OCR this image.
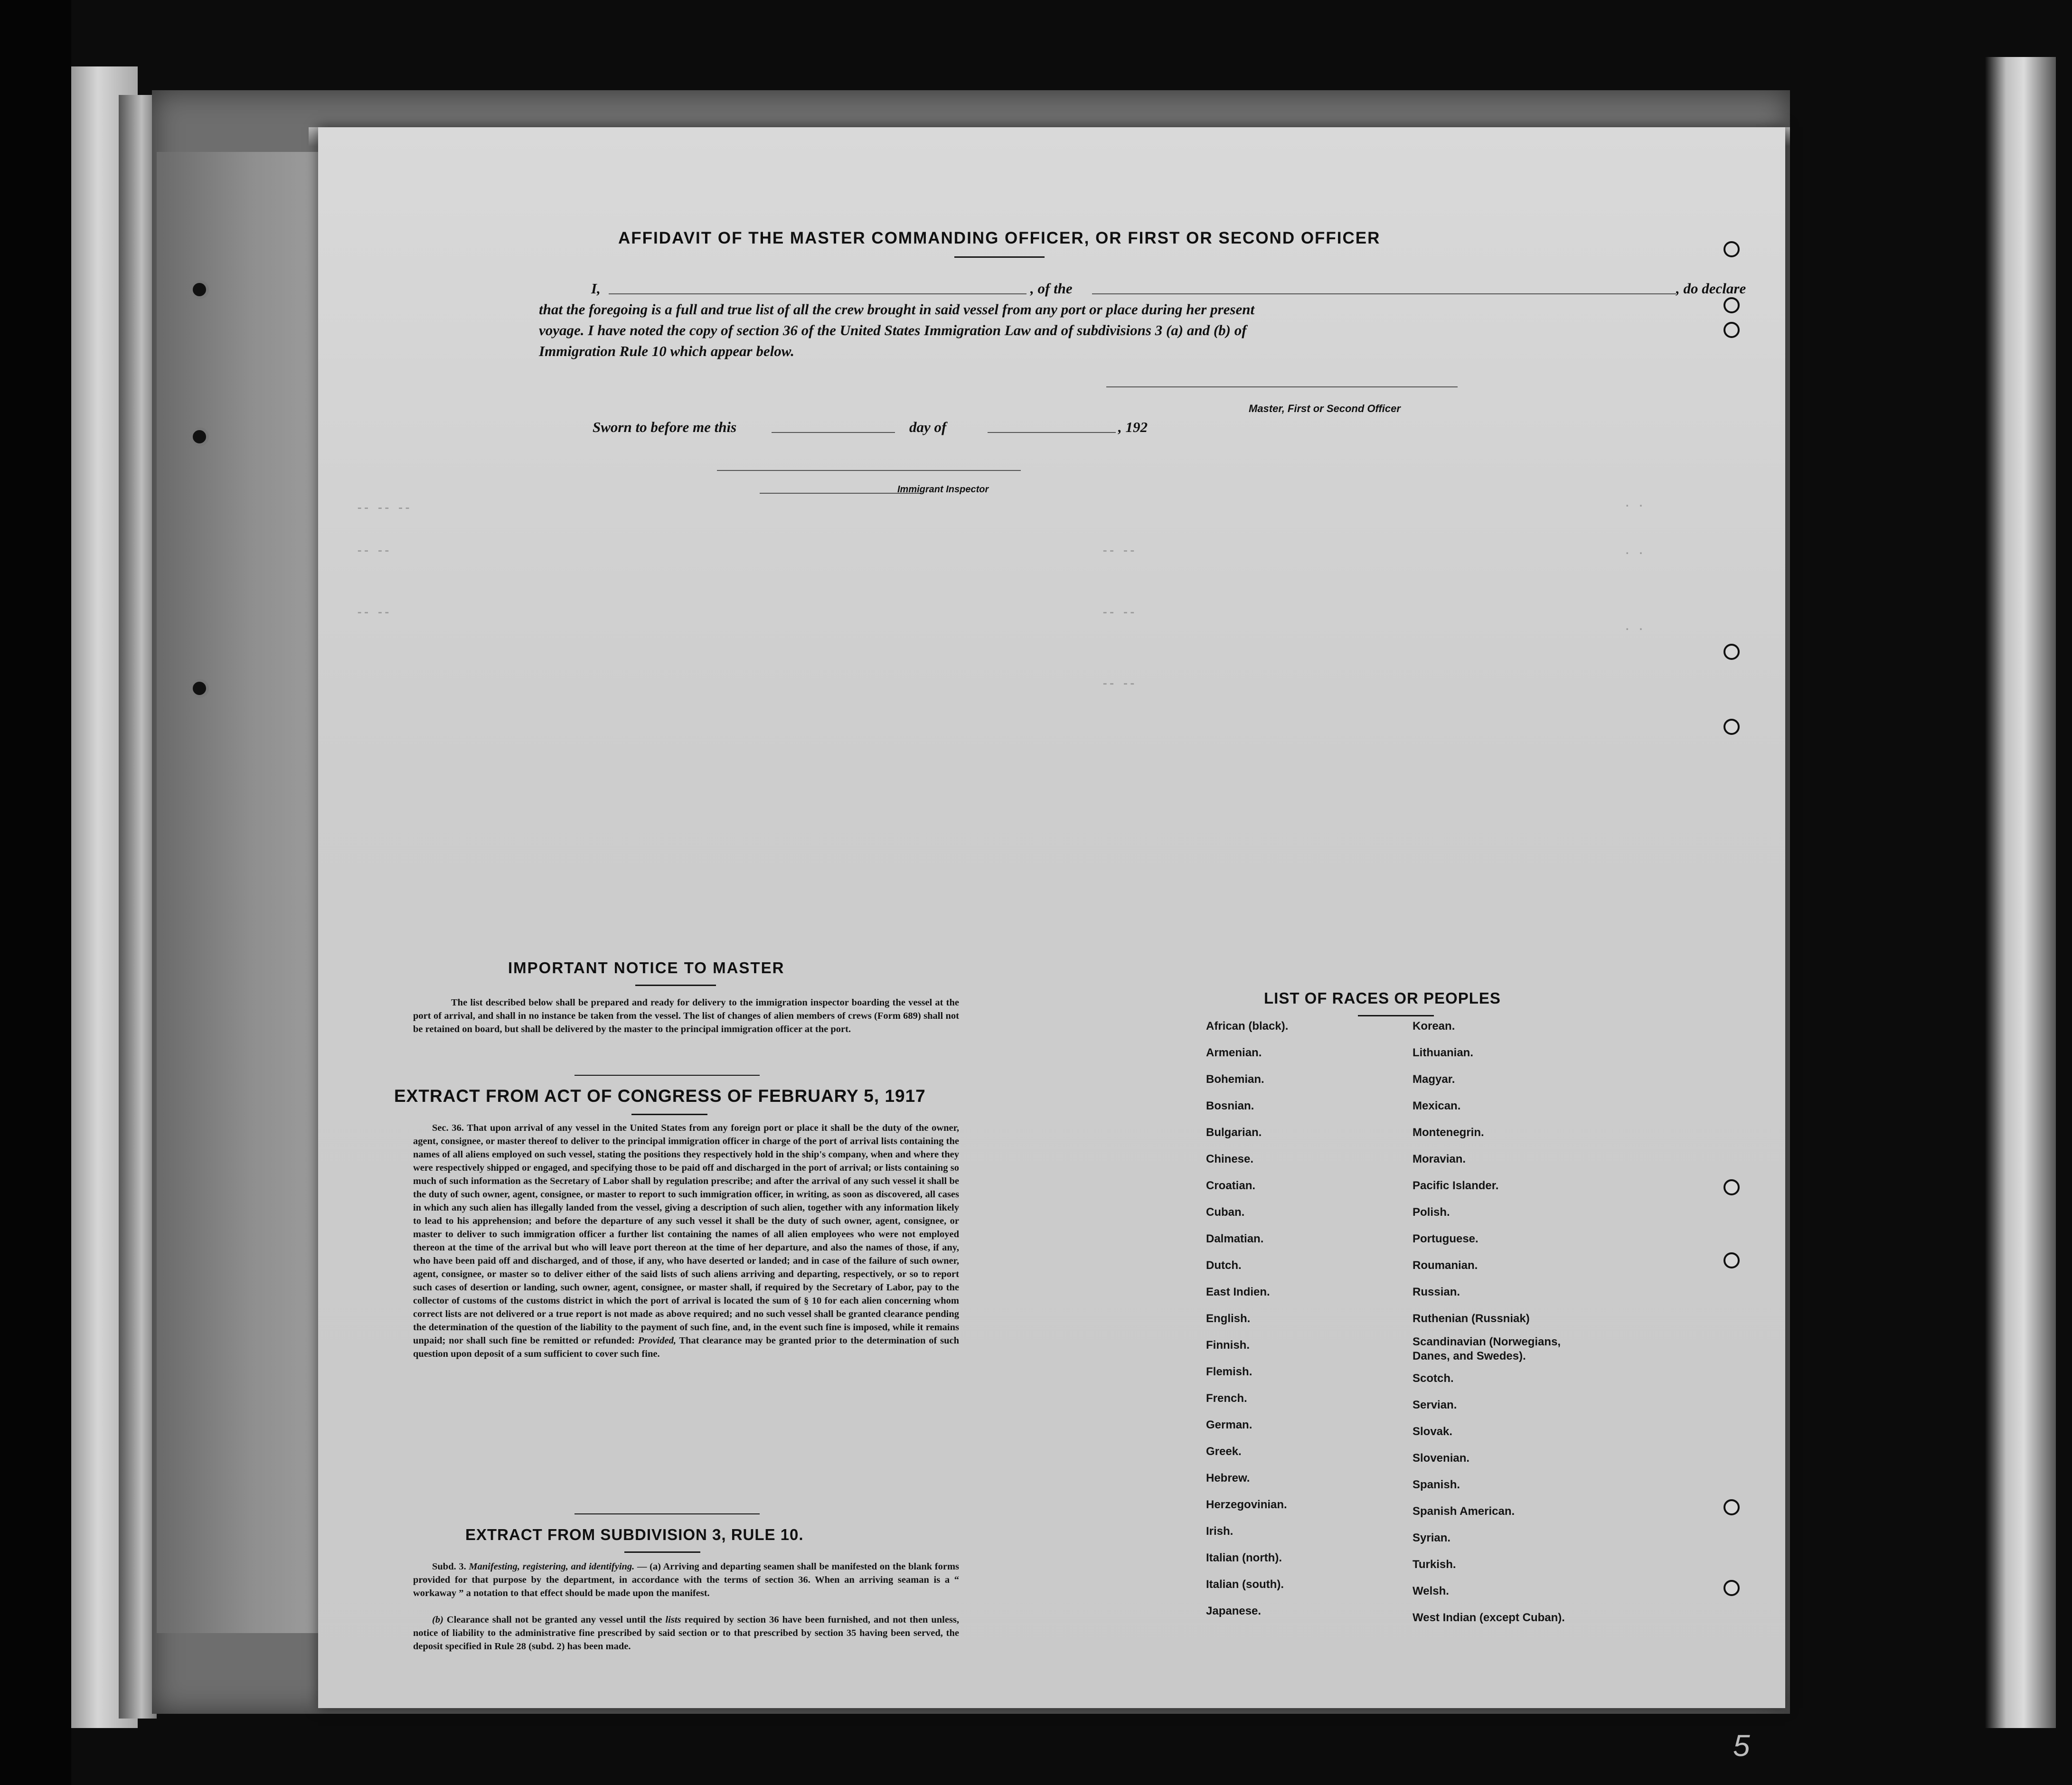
-- -- --
-- --
-- --
-- --
-- --
-- --
. .
. .
. .
AFFIDAVIT OF THE MASTER COMMANDING OFFICER, OR FIRST OR SECOND OFFICER
I,	, of the	, do declare
that the foregoing is a full and true list of all the crew brought in said vessel from any port or place during her present
voyage. I have noted the copy of section 36 of the United States Immigration Law and of subdivisions 3 (a) and (b) of
Immigration Rule 10 which appear below.
Master, First or Second Officer
Sworn to before me this	day of	, 192
Immigrant Inspector
IMPORTANT NOTICE TO MASTER
The list described below shall be prepared and ready for delivery to the immigration inspector boarding the vessel at the port of arrival, and shall in no instance be taken from the vessel. The list of changes of alien members of crews (Form 689) shall not be retained on board, but shall be delivered by the master to the principal immigration officer at the port.
EXTRACT FROM ACT OF CONGRESS OF FEBRUARY 5, 1917
Sec. 36. That upon arrival of any vessel in the United States from any foreign port or place it shall be the duty of the owner, agent, consignee, or master thereof to deliver to the principal immigration officer in charge of the port of arrival lists containing the names of all aliens employed on such vessel, stating the positions they respectively hold in the ship's company, when and where they were respectively shipped or engaged, and specifying those to be paid off and discharged in the port of arrival; or lists containing so much of such information as the Secretary of Labor shall by regulation prescribe; and after the arrival of any such vessel it shall be the duty of such owner, agent, consignee, or master to report to such immigration officer, in writing, as soon as discovered, all cases in which any such alien has illegally landed from the vessel, giving a description of such alien, together with any information likely to lead to his apprehension; and before the departure of any such vessel it shall be the duty of such owner, agent, consignee, or master to deliver to such immigration officer a further list containing the names of all alien employees who were not employed thereon at the time of the arrival but who will leave port thereon at the time of her departure, and also the names of those, if any, who have been paid off and discharged, and of those, if any, who have deserted or landed; and in case of the failure of such owner, agent, consignee, or master so to deliver either of the said lists of such aliens arriving and departing, respectively, or so to report such cases of desertion or landing, such owner, agent, consignee, or master shall, if required by the Secretary of Labor, pay to the collector of customs of the customs district in which the port of arrival is located the sum of § 10 for each alien concerning whom correct lists are not delivered or a true report is not made as above required; and no such vessel shall be granted clearance pending the determination of the question of the liability to the payment of such fine, and, in the event such fine is imposed, while it remains unpaid; nor shall such fine be remitted or refunded: Provided, That clearance may be granted prior to the determination of such question upon deposit of a sum sufficient to cover such fine.
EXTRACT FROM SUBDIVISION 3, RULE 10.
Subd. 3. Manifesting, registering, and identifying. — (a) Arriving and departing seamen shall be manifested on the blank forms provided for that purpose by the department, in accordance with the terms of section 36. When an arriving seaman is a “ workaway ” a notation to that effect should be made upon the manifest.
(b) Clearance shall not be granted any vessel until the lists required by section 36 have been furnished, and not then unless, notice of liability to the administrative fine prescribed by said section or to that prescribed by section 35 having been served, the deposit specified in Rule 28 (subd. 2) has been made.
LIST OF RACES OR PEOPLES
African (black).
Armenian.
Bohemian.
Bosnian.
Bulgarian.
Chinese.
Croatian.
Cuban.
Dalmatian.
Dutch.
East Indien.
English.
Finnish.
Flemish.
French.
German.
Greek.
Hebrew.
Herzegovinian.
Irish.
Italian (north).
Italian (south).
Japanese.
Korean.
Lithuanian.
Magyar.
Mexican.
Montenegrin.
Moravian.
Pacific Islander.
Polish.
Portuguese.
Roumanian.
Russian.
Ruthenian (Russniak)
Scandinavian (Norwegians, Danes, and Swedes).
Scotch.
Servian.
Slovak.
Slovenian.
Spanish.
Spanish American.
Syrian.
Turkish.
Welsh.
West Indian (except Cuban).
5
